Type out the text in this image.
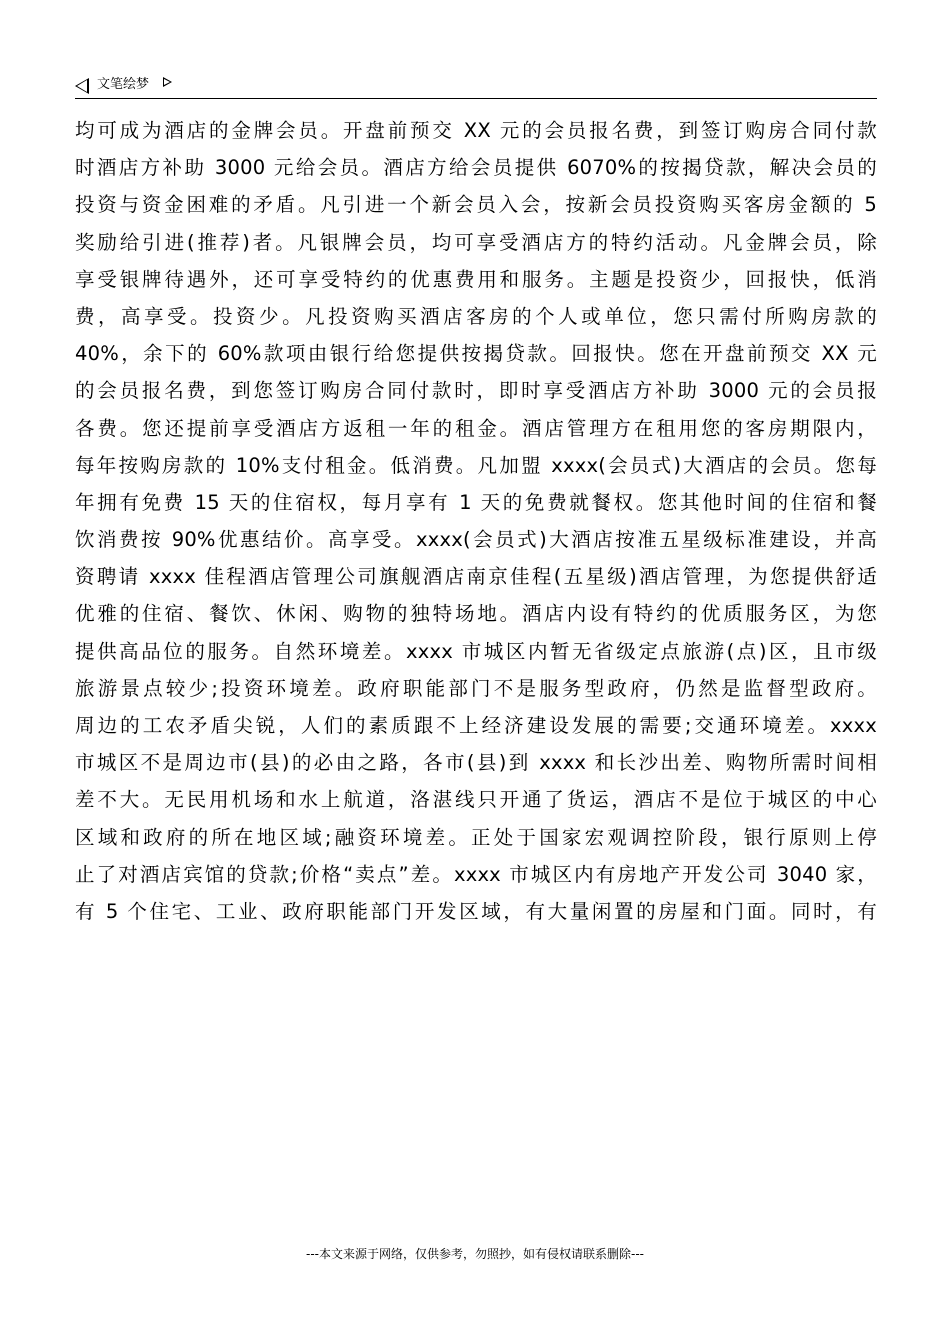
文笔绘梦
均可成为酒店的金牌会员。开盘前预交 XX 元的会员报名费，到签订购房合同付款
时酒店方补助 3000 元给会员。酒店方给会员提供 6070%的按揭贷款，解决会员的
投资与资金困难的矛盾。凡引进一个新会员入会，按新会员投资购买客房金额的 5
奖励给引进(推荐)者。凡银牌会员，均可享受酒店方的特约活动。凡金牌会员，除
享受银牌待遇外，还可享受特约的优惠费用和服务。主题是投资少，回报快，低消
费，高享受。投资少。凡投资购买酒店客房的个人或单位，您只需付所购房款的
40%，余下的 60%款项由银行给您提供按揭贷款。回报快。您在开盘前预交 XX 元
的会员报名费，到您签订购房合同付款时，即时享受酒店方补助 3000 元的会员报
各费。您还提前享受酒店方返租一年的租金。酒店管理方在租用您的客房期限内，
每年按购房款的 10%支付租金。低消费。凡加盟 xxxx(会员式)大酒店的会员。您每
年拥有免费 15 天的住宿权，每月享有 1 天的免费就餐权。您其他时间的住宿和餐
饮消费按 90%优惠结价。高享受。xxxx(会员式)大酒店按准五星级标准建设，并高
资聘请 xxxx 佳程酒店管理公司旗舰酒店南京佳程(五星级)酒店管理，为您提供舒适
优雅的住宿、餐饮、休闲、购物的独特场地。酒店内设有特约的优质服务区，为您
提供高品位的服务。自然环境差。xxxx 市城区内暂无省级定点旅游(点)区，且市级
旅游景点较少;投资环境差。政府职能部门不是服务型政府，仍然是监督型政府。
周边的工农矛盾尖锐，人们的素质跟不上经济建设发展的需要;交通环境差。xxxx
市城区不是周边市(县)的必由之路，各市(县)到 xxxx 和长沙出差、购物所需时间相
差不大。无民用机场和水上航道，洛湛线只开通了货运，酒店不是位于城区的中心
区域和政府的所在地区域;融资环境差。正处于国家宏观调控阶段，银行原则上停
止了对酒店宾馆的贷款;价格“卖点”差。xxxx 市城区内有房地产开发公司 3040 家，
有 5 个住宅、工业、政府职能部门开发区域，有大量闲置的房屋和门面。同时，有
---本文来源于网络，仅供参考，勿照抄，如有侵权请联系删除---
